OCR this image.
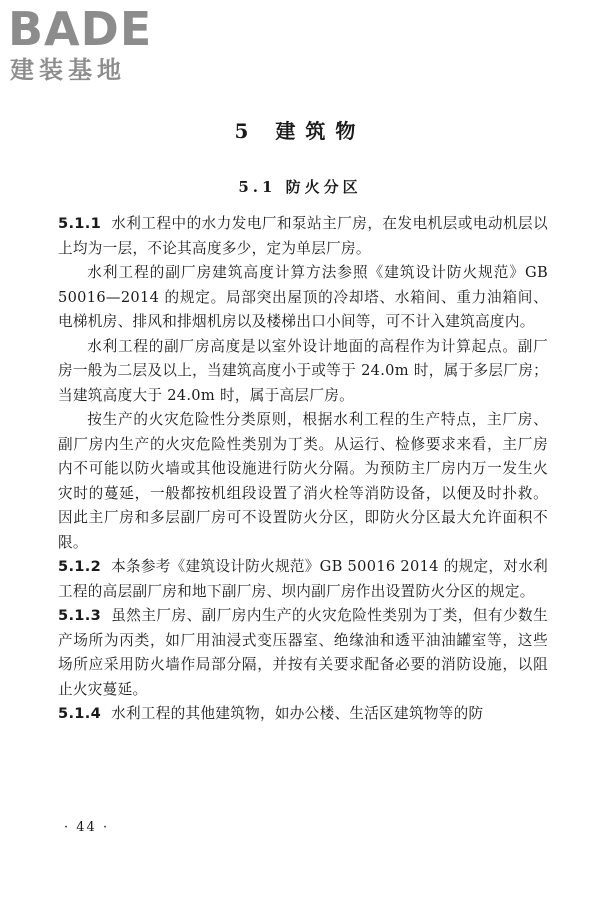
BADE
建装基地
5 建筑物
5.1 防火分区

5.1.1 水利工程中的水力发电厂和泵站主厂房，在发电机层或电动机层以上均为一层，不论其高度多少，定为单层厂房。

水利工程的副厂房建筑高度计算方法参照《建筑设计防火规范》GB 50016—2014 的规定。局部突出屋顶的冷却塔、水箱间、重力油箱间、电梯机房、排风和排烟机房以及楼梯出口小间等，可不计入建筑高度内。

水利工程的副厂房高度是以室外设计地面的高程作为计算起点。副厂房一般为二层及以上，当建筑高度小于或等于 24.0m 时，属于多层厂房；当建筑高度大于 24.0m 时，属于高层厂房。

按生产的火灾危险性分类原则，根据水利工程的生产特点，主厂房、副厂房内生产的火灾危险性类别为丁类。从运行、检修要求来看，主厂房内不可能以防火墙或其他设施进行防火分隔。为预防主厂房内万一发生火灾时的蔓延，一般都按机组段设置了消火栓等消防设备，以便及时扑救。因此主厂房和多层副厂房可不设置防火分区，即防火分区最大允许面积不限。

5.1.2 本条参考《建筑设计防火规范》GB 50016 2014 的规定，对水利工程的高层副厂房和地下副厂房、坝内副厂房作出设置防火分区的规定。

5.1.3 虽然主厂房、副厂房内生产的火灾危险性类别为丁类，但有少数生产场所为丙类，如厂用油浸式变压器室、绝缘油和透平油油罐室等，这些场所应采用防火墙作局部分隔，并按有关要求配备必要的消防设施，以阻止火灾蔓延。

5.1.4 水利工程的其他建筑物，如办公楼、生活区建筑物等的防

· 44 ·
